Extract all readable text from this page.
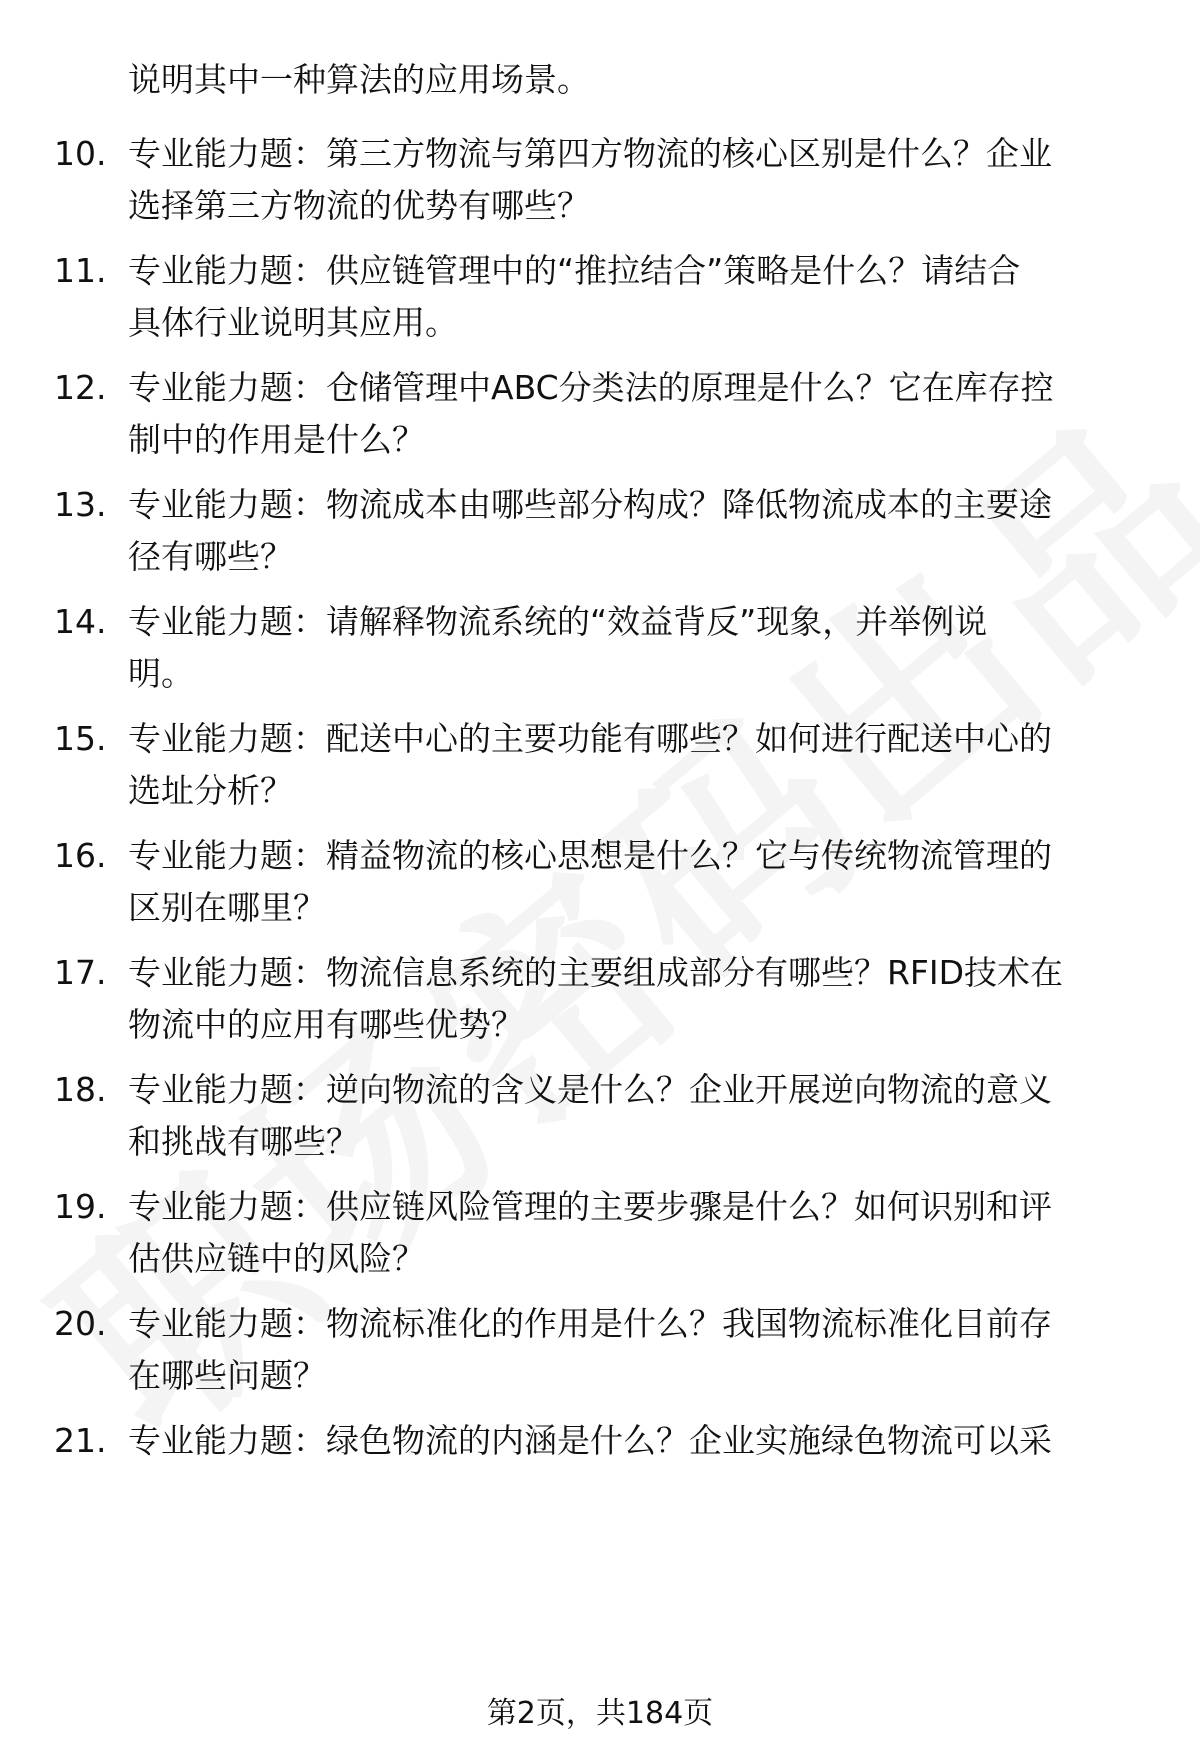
说明其中一种算法的应用场景。
10. 专业能力题：第三方物流与第四方物流的核心区别是什么？企业
选择第三方物流的优势有哪些？
11. 专业能力题：供应链管理中的“推拉结合”策略是什么？请结合
具体行业说明其应用。
12. 专业能力题：仓储管理中ABC分类法的原理是什么？它在库存控
制中的作用是什么？
13. 专业能力题：物流成本由哪些部分构成？降低物流成本的主要途
径有哪些？
14. 专业能力题：请解释物流系统的“效益背反”现象，并举例说
明。
15. 专业能力题：配送中心的主要功能有哪些？如何进行配送中心的
选址分析？
16. 专业能力题：精益物流的核心思想是什么？它与传统物流管理的
区别在哪里？
17. 专业能力题：物流信息系统的主要组成部分有哪些？RFID技术在
物流中的应用有哪些优势？
18. 专业能力题：逆向物流的含义是什么？企业开展逆向物流的意义
和挑战有哪些？
19. 专业能力题：供应链风险管理的主要步骤是什么？如何识别和评
估供应链中的风险？
20. 专业能力题：物流标准化的作用是什么？我国物流标准化目前存
在哪些问题？
21. 专业能力题：绿色物流的内涵是什么？企业实施绿色物流可以采
第2页，共184页
